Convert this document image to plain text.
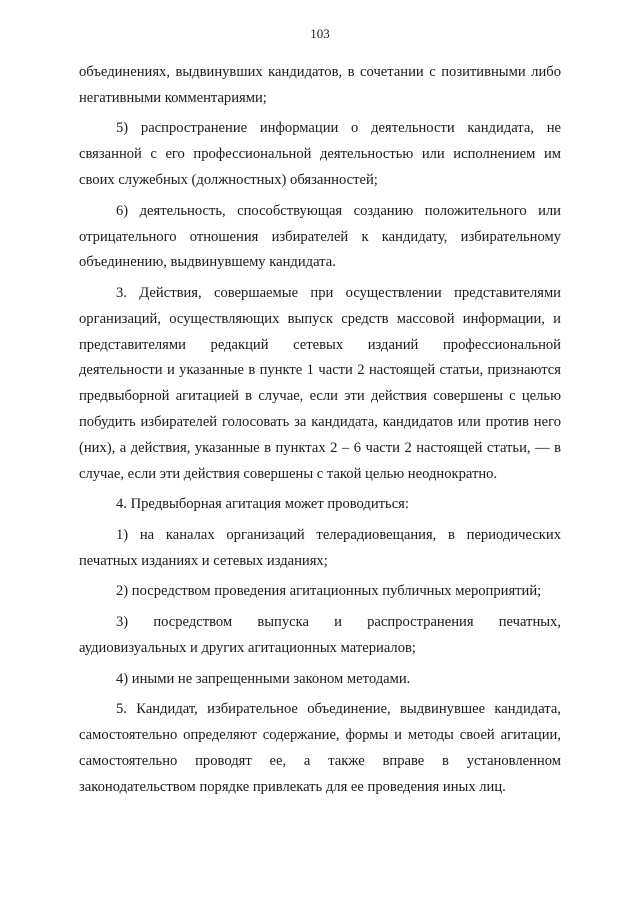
103

объединениях, выдвинувших кандидатов, в сочетании с позитивными либо негативными комментариями;

5) распространение информации о деятельности кандидата, не связанной с его профессиональной деятельностью или исполнением им своих служебных (должностных) обязанностей;

6) деятельность, способствующая созданию положительного или отрицательного отношения избирателей к кандидату, избирательному объединению, выдвинувшему кандидата.

3. Действия, совершаемые при осуществлении представителями организаций, осуществляющих выпуск средств массовой информации, и представителями редакций сетевых изданий профессиональной деятельности и указанные в пункте 1 части 2 настоящей статьи, признаются предвыборной агитацией в случае, если эти действия совершены с целью побудить избирателей голосовать за кандидата, кандидатов или против него (них), а действия, указанные в пунктах 2 – 6 части 2 настоящей статьи, — в случае, если эти действия совершены с такой целью неоднократно.

4. Предвыборная агитация может проводиться:

1) на каналах организаций телерадиовещания, в периодических печатных изданиях и сетевых изданиях;

2) посредством проведения агитационных публичных мероприятий;

3) посредством выпуска и распространения печатных, аудиовизуальных и других агитационных материалов;

4) иными не запрещенными законом методами.

5. Кандидат, избирательное объединение, выдвинувшее кандидата, самостоятельно определяют содержание, формы и методы своей агитации, самостоятельно проводят ее, а также вправе в установленном законодательством порядке привлекать для ее проведения иных лиц.
